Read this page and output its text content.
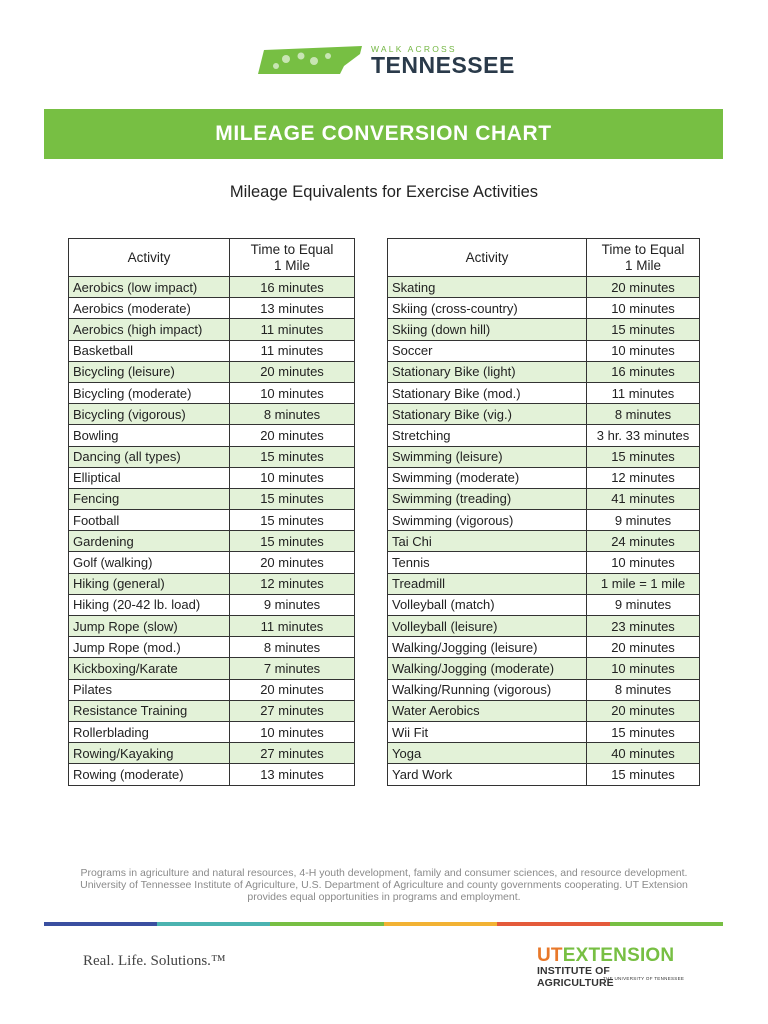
WALK ACROSS
TENNESSEE
MILEAGE CONVERSION CHART
Mileage Equivalents for Exercise Activities
Activity	Time to Equal
1 Mile
Aerobics (low impact)	16 minutes
Aerobics (moderate)	13 minutes
Aerobics (high impact)	11 minutes
Basketball	11 minutes
Bicycling (leisure)	20 minutes
Bicycling (moderate)	10 minutes
Bicycling (vigorous)	8 minutes
Bowling	20 minutes
Dancing (all types)	15 minutes
Elliptical	10 minutes
Fencing	15 minutes
Football	15 minutes
Gardening	15 minutes
Golf (walking)	20 minutes
Hiking (general)	12 minutes
Hiking (20-42 lb. load)	9 minutes
Jump Rope (slow)	11 minutes
Jump Rope (mod.)	8 minutes
Kickboxing/Karate	7 minutes
Pilates	20 minutes
Resistance Training	27 minutes
Rollerblading	10 minutes
Rowing/Kayaking	27 minutes
Rowing (moderate)	13 minutes
Activity	Time to Equal
1 Mile
Skating	20 minutes
Skiing (cross-country)	10 minutes
Skiing (down hill)	15 minutes
Soccer	10 minutes
Stationary Bike (light)	16 minutes
Stationary Bike (mod.)	11 minutes
Stationary Bike (vig.)	8 minutes
Stretching	3 hr. 33 minutes
Swimming (leisure)	15 minutes
Swimming (moderate)	12 minutes
Swimming (treading)	41 minutes
Swimming (vigorous)	9 minutes
Tai Chi	24 minutes
Tennis	10 minutes
Treadmill	1 mile = 1 mile
Volleyball (match)	9 minutes
Volleyball (leisure)	23 minutes
Walking/Jogging (leisure)	20 minutes
Walking/Jogging (moderate)	10 minutes
Walking/Running (vigorous)	8 minutes
Water Aerobics	20 minutes
Wii Fit	15 minutes
Yoga	40 minutes
Yard Work	15 minutes
Programs in agriculture and natural resources, 4-H youth development, family and consumer sciences, and resource development. University of Tennessee Institute of Agriculture, U.S. Department of Agriculture and county governments cooperating. UT Extension provides equal opportunities in programs and employment.
Real. Life. Solutions.™	UTEXTENSION
INSTITUTE OF AGRICULTURE
THE UNIVERSITY OF TENNESSEE
